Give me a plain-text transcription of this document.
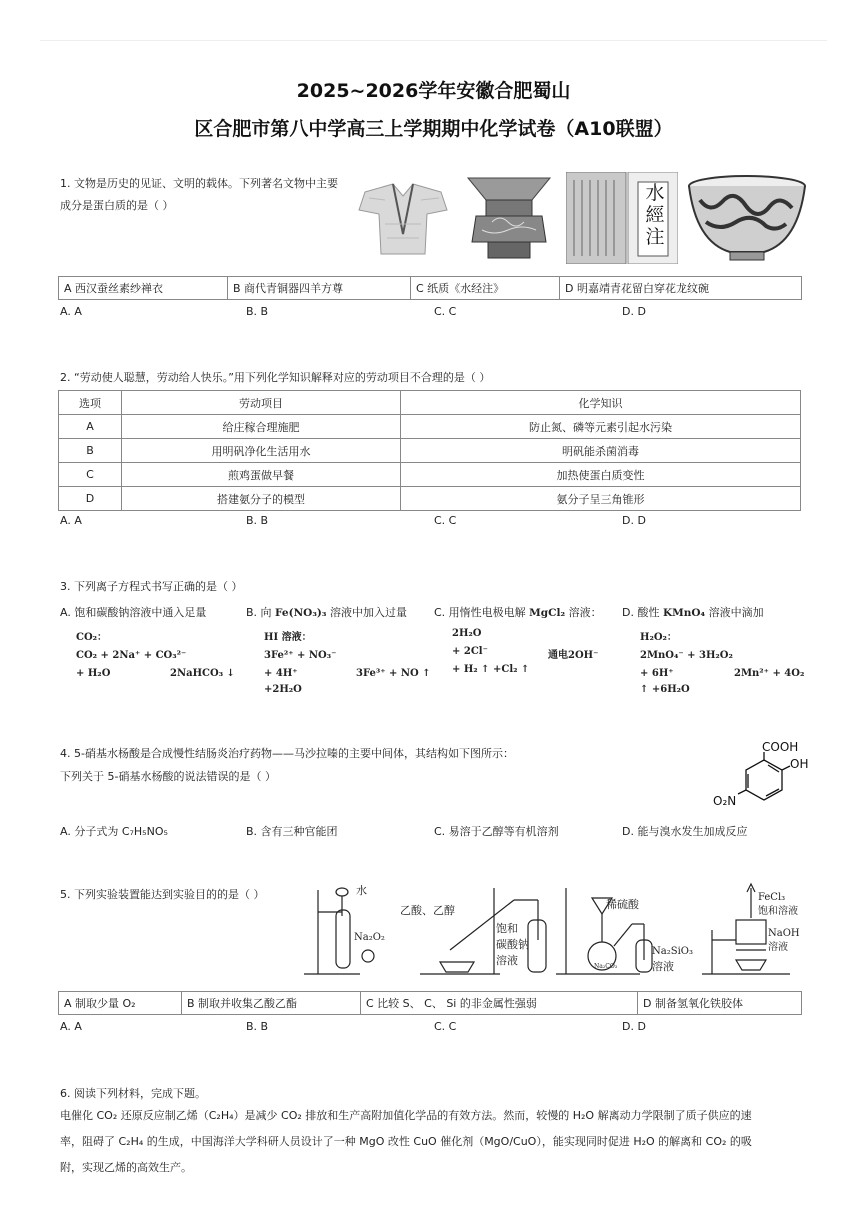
2025~2026学年安徽合肥蜀山
区合肥市第八中学高三上学期期中化学试卷（A10联盟）
1. 文物是历史的见证、文明的载体。下列著名文物中主要
成分是蛋白质的是（ ）
水
經
注
A 西汉蚕丝素纱禅衣	B 商代青铜器四羊方尊	C 纸质《水经注》	D 明嘉靖青花留白穿花龙纹碗
A. A	B. B	C. C	D. D
2. “劳动使人聪慧，劳动给人快乐。”用下列化学知识解释对应的劳动项目不合理的是（ ）
选项	劳动项目	化学知识
A	给庄稼合理施肥	防止氮、磷等元素引起水污染
B	用明矾净化生活用水	明矾能杀菌消毒
C	煎鸡蛋做早餐	加热使蛋白质变性
D	搭建氨分子的模型	氨分子呈三角锥形
A. A	B. B	C. C	D. D
3. 下列离子方程式书写正确的是（ ）
A. 饱和碳酸钠溶液中通入足量
CO₂：
CO₂ + 2Na⁺ + CO₃²⁻
+ H₂O	2NaHCO₃ ↓
B. 向 Fe(NO₃)₃ 溶液中加入过量
HI 溶液：
3Fe²⁺ + NO₃⁻
+ 4H⁺	3Fe³⁺ + NO ↑
+2H₂O
C. 用惰性电极电解 MgCl₂ 溶液：
2H₂O
+ 2Cl⁻	通电2OH⁻
+ H₂ ↑ +Cl₂ ↑
D. 酸性 KMnO₄ 溶液中滴加
H₂O₂：
2MnO₄⁻ + 3H₂O₂
+ 6H⁺	2Mn²⁺ + 4O₂
↑ +6H₂O
4. 5-硝基水杨酸是合成慢性结肠炎治疗药物——马沙拉嗪的主要中间体，其结构如下图所示：
下列关于 5-硝基水杨酸的说法错误的是（ ）
COOH
OH
O₂N
A. 分子式为 C₇H₅NO₅	B. 含有三种官能团	C. 易溶于乙醇等有机溶剂	D. 能与溴水发生加成反应
5. 下列实验装置能达到实验目的的是（ ）	水
Na₂O₂
乙酸、乙醇
饱和
碳酸钠
溶液
稀硫酸
Na₂CO₃
Na₂SiO₃
溶液
FeCl₃
饱和溶液
NaOH
溶液
A 制取少量 O₂	B 制取并收集乙酸乙酯	C 比较 S、 C、 Si 的非金属性强弱	D 制备氢氧化铁胶体
A. A	B. B	C. C	D. D
6. 阅读下列材料，完成下题。
电催化 CO₂ 还原反应制乙烯（C₂H₄）是减少 CO₂ 排放和生产高附加值化学品的有效方法。然而，较慢的 H₂O 解离动力学限制了质子供应的速
率，阻碍了 C₂H₄ 的生成，中国海洋大学科研人员设计了一种 MgO 改性 CuO 催化剂（MgO/CuO），能实现同时促进 H₂O 的解离和 CO₂ 的吸
附，实现乙烯的高效生产。
